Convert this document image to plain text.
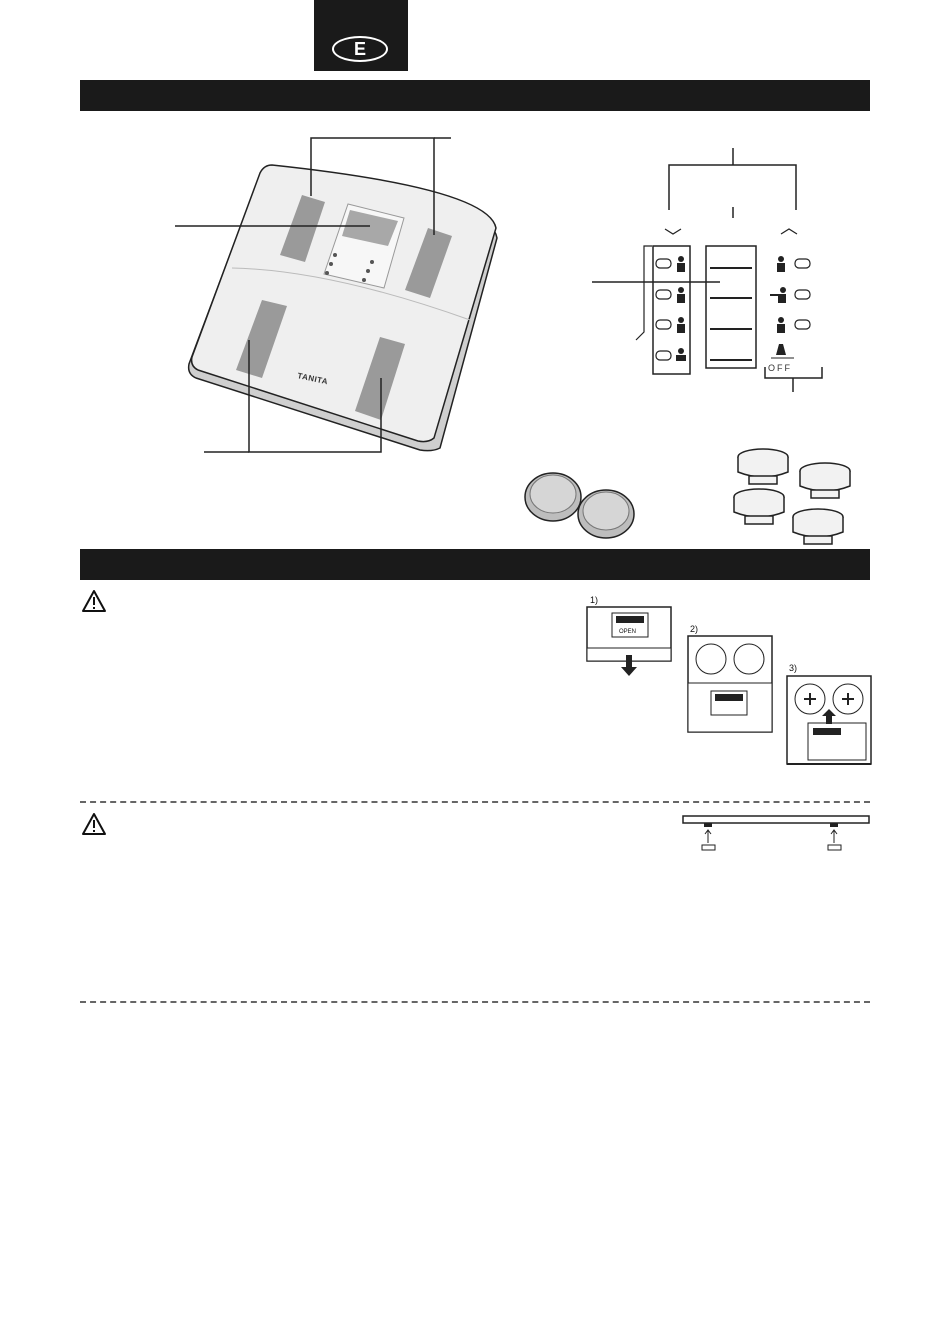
E
TANITA
OFF
1)
2)
3)
OPEN
